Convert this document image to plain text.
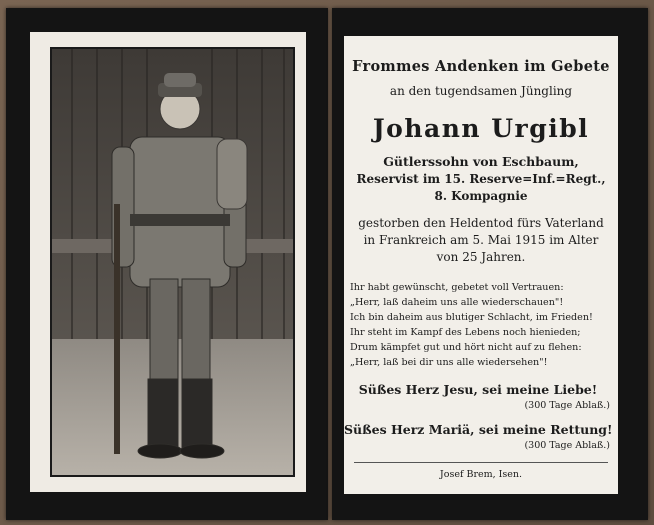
Frommes Andenken im Gebete
an den tugendsamen Jüngling
Johann Urgibl
Gütlerssohn von Eschbaum,
Reservist im 15. Reserve=Inf.=Regt.,
8. Kompagnie
gestorben den Heldentod fürs Vaterland
in Frankreich am 5. Mai 1915 im Alter
von 25 Jahren.
Ihr habt gewünscht, gebetet voll Vertrauen:
„Herr, laß daheim uns alle wiederschauen"!
Ich bin daheim aus blutiger Schlacht, im Frieden!
Ihr steht im Kampf des Lebens noch hienieden;
Drum kämpfet gut und hört nicht auf zu flehen:
„Herr, laß bei dir uns alle wiedersehen"!
Süßes Herz Jesu, sei meine Liebe!
(300 Tage Ablaß.)
Süßes Herz Mariä, sei meine Rettung!
(300 Tage Ablaß.)
Josef Brem, Isen.
